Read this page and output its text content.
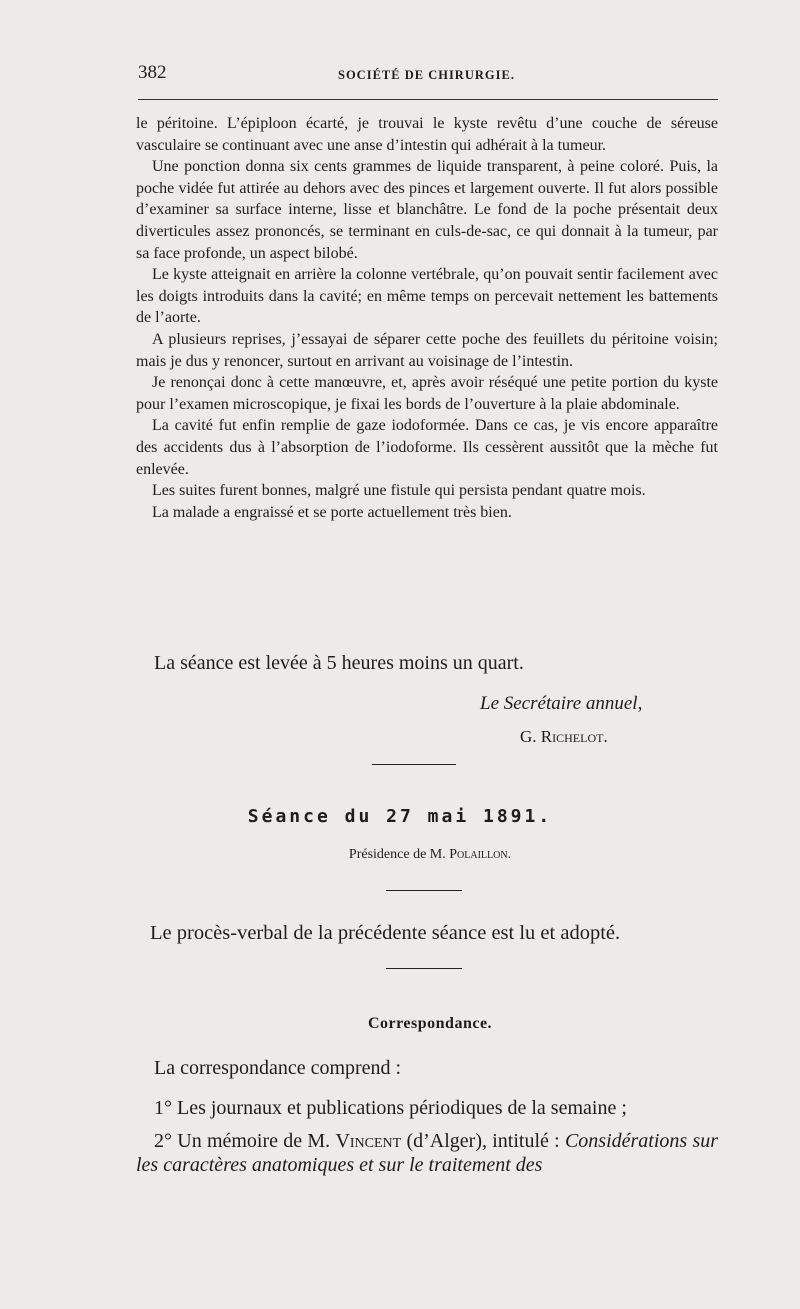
382	SOCIÉTÉ DE CHIRURGIE.

le péritoine. L’épiploon écarté, je trouvai le kyste revêtu d’une couche de séreuse vasculaire se continuant avec une anse d’intestin qui adhérait à la tumeur.

Une ponction donna six cents grammes de liquide transparent, à peine coloré. Puis, la poche vidée fut attirée au dehors avec des pinces et largement ouverte. Il fut alors possible d’examiner sa surface interne, lisse et blanchâtre. Le fond de la poche présentait deux diverticules assez prononcés, se terminant en culs-de-sac, ce qui donnait à la tumeur, par sa face profonde, un aspect bilobé.

Le kyste atteignait en arrière la colonne vertébrale, qu’on pouvait sentir facilement avec les doigts introduits dans la cavité; en même temps on percevait nettement les battements de l’aorte.

A plusieurs reprises, j’essayai de séparer cette poche des feuillets du péritoine voisin; mais je dus y renoncer, surtout en arrivant au voisinage de l’intestin.

Je renonçai donc à cette manœuvre, et, après avoir réséqué une petite portion du kyste pour l’examen microscopique, je fixai les bords de l’ouverture à la plaie abdominale.

La cavité fut enfin remplie de gaze iodoformée. Dans ce cas, je vis encore apparaître des accidents dus à l’absorption de l’iodoforme. Ils cessèrent aussitôt que la mèche fut enlevée.

Les suites furent bonnes, malgré une fistule qui persista pendant quatre mois.

La malade a engraissé et se porte actuellement très bien.

La séance est levée à 5 heures moins un quart.
Le Secrétaire annuel,
G. Richelot.
Séance du 27 mai 1891.
Présidence de M. Polaillon.
Le procès-verbal de la précédente séance est lu et adopté.
Correspondance.

La correspondance comprend :

1° Les journaux et publications périodiques de la semaine ;

2° Un mémoire de M. Vincent (d’Alger), intitulé : Considérations sur les caractères anatomiques et sur le traitement des
